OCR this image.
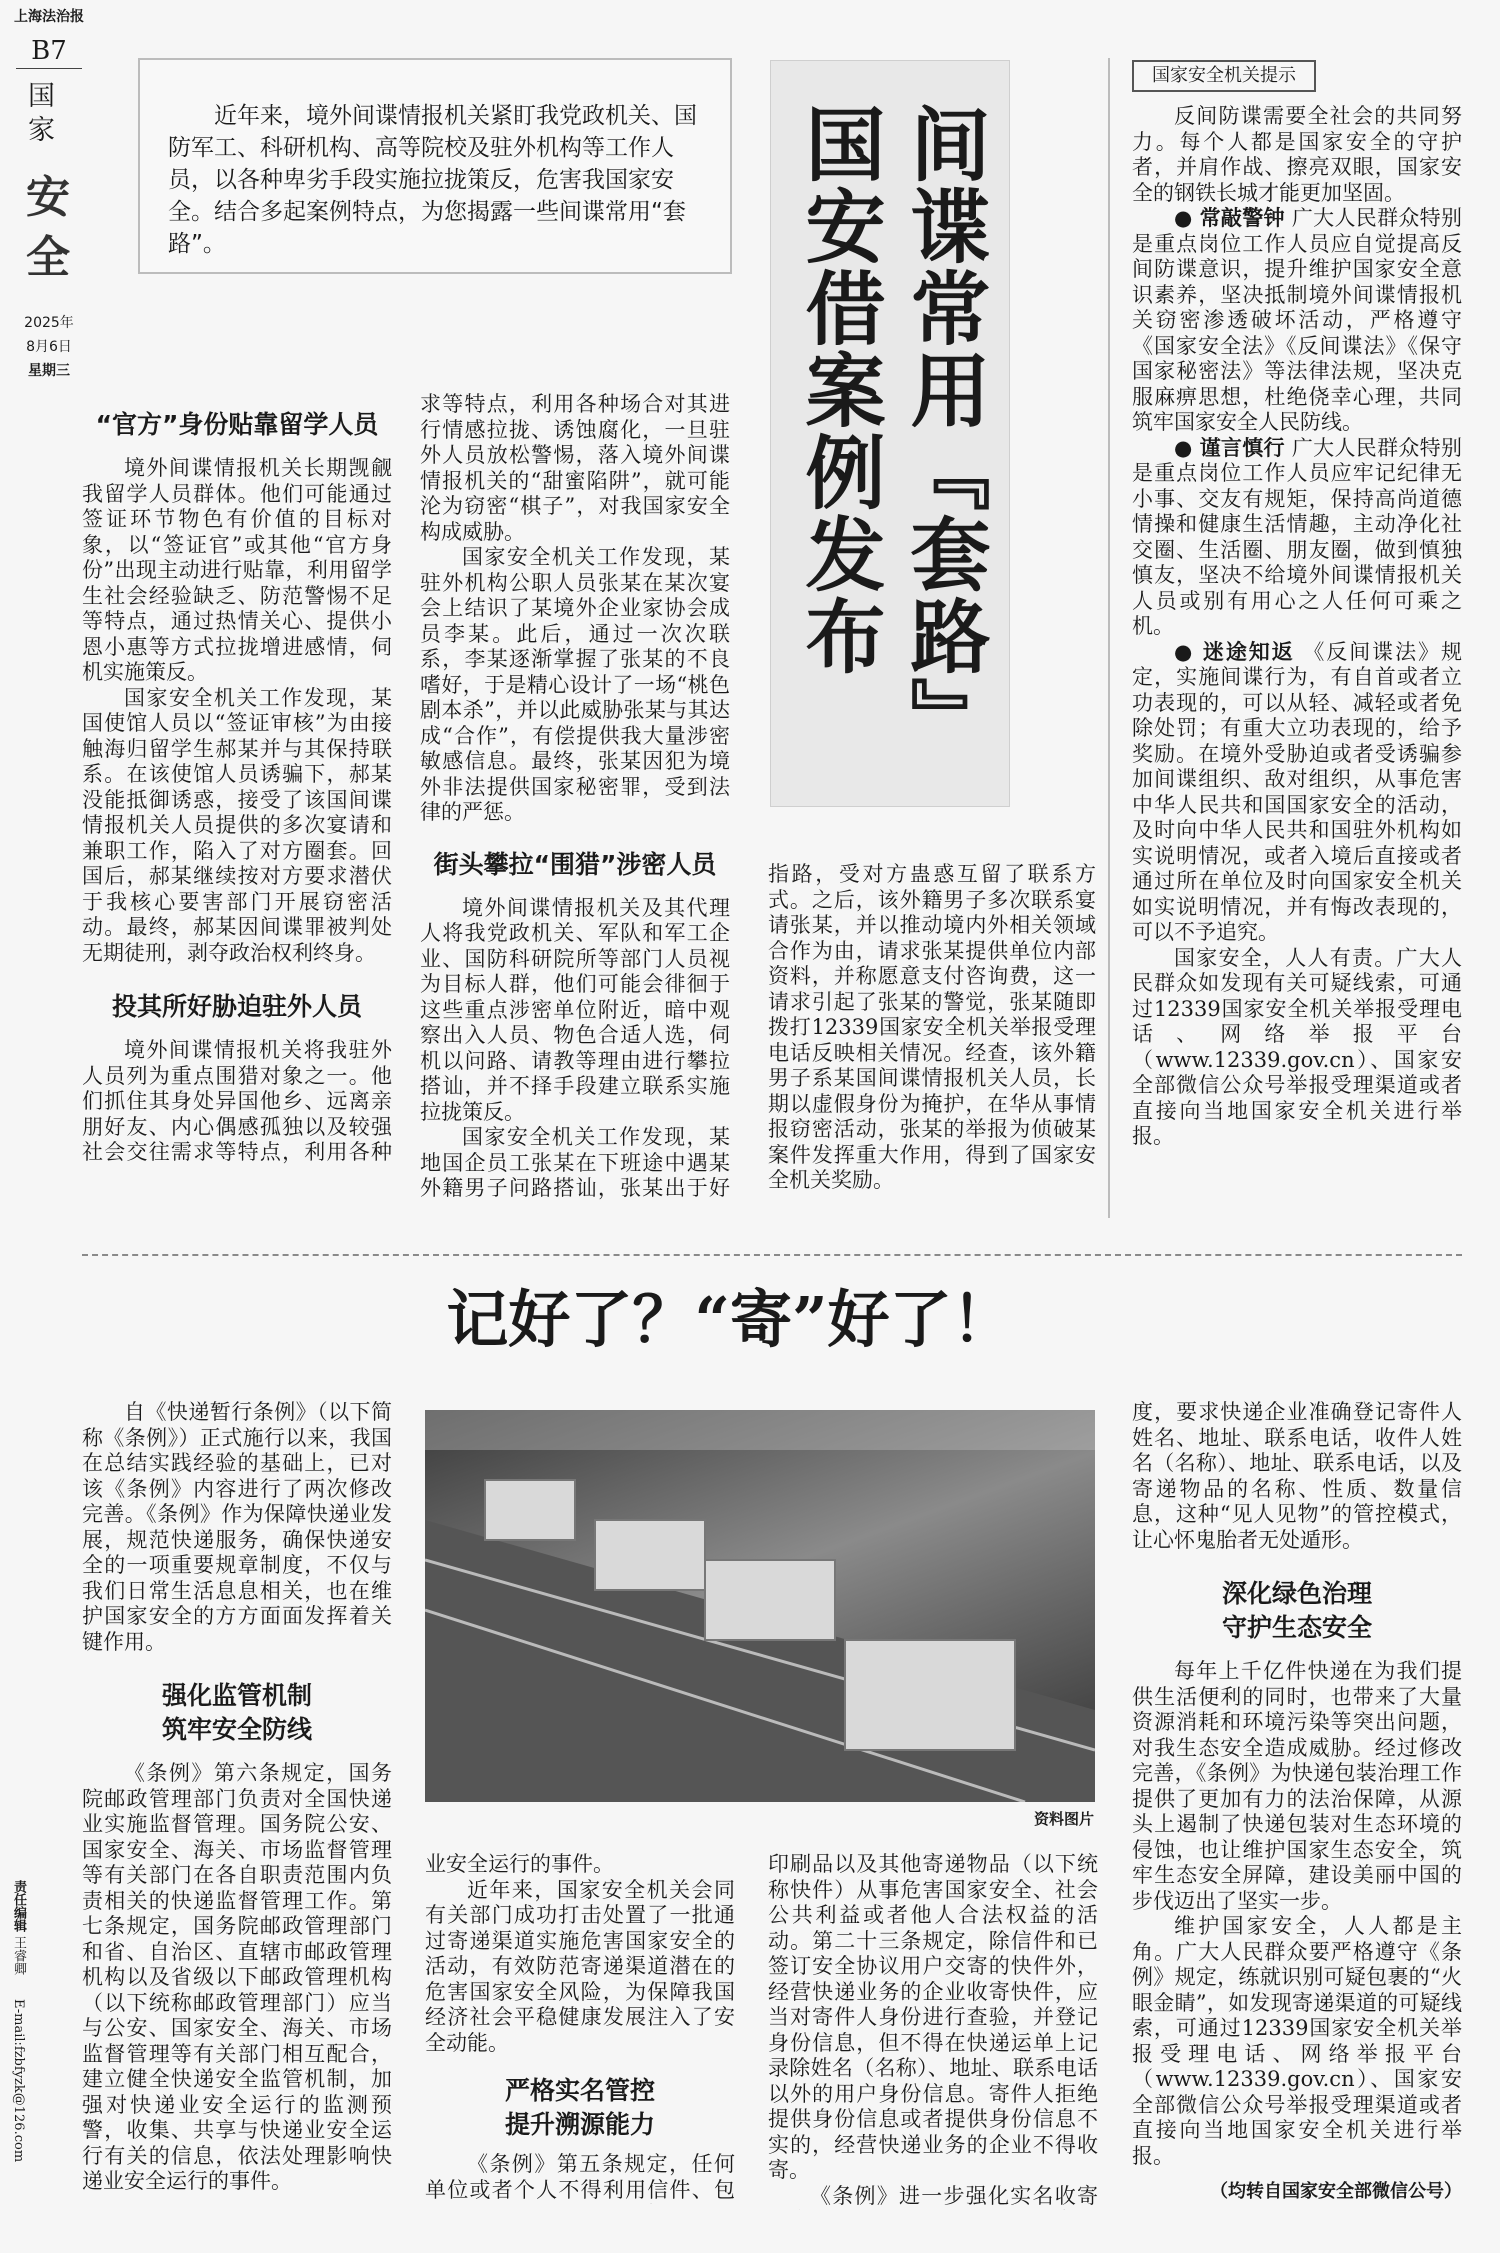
上海法治报
B7
国家
安全
2025年
8月6日
星期三
责任编辑 王睿卿 E-mail:fzbfyzk@126.com

近年来，境外间谍情报机关紧盯我党政机关、国防军工、科研机构、高等院校及驻外机构等工作人员，以各种卑劣手段实施拉拢策反，危害我国家安全。结合多起案例特点，为您揭露一些间谍常用“套路”。	间谍常用『套路』
国安借案例发布
“官方”身份贴靠留学人员

境外间谍情报机关长期觊觎我留学人员群体。他们可能通过签证环节物色有价值的目标对象，以“签证官”或其他“官方身份”出现主动进行贴靠，利用留学生社会经验缺乏、防范警惕不足等特点，通过热情关心、提供小恩小惠等方式拉拢增进感情，伺机实施策反。

国家安全机关工作发现，某国使馆人员以“签证审核”为由接触海归留学生郝某并与其保持联系。在该使馆人员诱骗下，郝某没能抵御诱惑，接受了该国间谍情报机关人员提供的多次宴请和兼职工作，陷入了对方圈套。回国后，郝某继续按对方要求潜伏于我核心要害部门开展窃密活动。最终，郝某因间谍罪被判处无期徒刑，剥夺政治权利终身。

投其所好胁迫驻外人员

境外间谍情报机关将我驻外人员列为重点围猎对象之一。他们抓住其身处异国他乡、远离亲朋好友、内心偶感孤独以及较强社会交往需求等特点，利用各种

求等特点，利用各种场合对其进行情感拉拢、诱蚀腐化，一旦驻外人员放松警惕，落入境外间谍情报机关的“甜蜜陷阱”，就可能沦为窃密“棋子”，对我国家安全构成威胁。

国家安全机关工作发现，某驻外机构公职人员张某在某次宴会上结识了某境外企业家协会成员李某。此后，通过一次次联系，李某逐渐掌握了张某的不良嗜好，于是精心设计了一场“桃色剧本杀”，并以此威胁张某与其达成“合作”，有偿提供我大量涉密敏感信息。最终，张某因犯为境外非法提供国家秘密罪，受到法律的严惩。

街头攀拉“围猎”涉密人员

境外间谍情报机关及其代理人将我党政机关、军队和军工企业、国防科研院所等部门人员视为目标人群，他们可能会徘徊于这些重点涉密单位附近，暗中观察出入人员、物色合适人选，伺机以问路、请教等理由进行攀拉搭讪，并不择手段建立联系实施拉拢策反。

国家安全机关工作发现，某地国企员工张某在下班途中遇某外籍男子问路搭讪，张某出于好

指路，受对方蛊惑互留了联系方式。之后，该外籍男子多次联系宴请张某，并以推动境内外相关领域合作为由，请求张某提供单位内部资料，并称愿意支付咨询费，这一请求引起了张某的警觉，张某随即拨打12339国家安全机关举报受理电话反映相关情况。经查，该外籍男子系某国间谍情报机关人员，长期以虚假身份为掩护，在华从事情报窃密活动，张某的举报为侦破某案件发挥重大作用，得到了国家安全机关奖励。

国家安全机关提示

反间防谍需要全社会的共同努力。每个人都是国家安全的守护者，并肩作战、擦亮双眼，国家安全的钢铁长城才能更加坚固。

● 常敲警钟 广大人民群众特别是重点岗位工作人员应自觉提高反间防谍意识，提升维护国家安全意识素养，坚决抵制境外间谍情报机关窃密渗透破坏活动，严格遵守《国家安全法》《反间谍法》《保守国家秘密法》等法律法规，坚决克服麻痹思想，杜绝侥幸心理，共同筑牢国家安全人民防线。

● 谨言慎行 广大人民群众特别是重点岗位工作人员应牢记纪律无小事、交友有规矩，保持高尚道德情操和健康生活情趣，主动净化社交圈、生活圈、朋友圈，做到慎独慎友，坚决不给境外间谍情报机关人员或别有用心之人任何可乘之机。

● 迷途知返 《反间谍法》规定，实施间谍行为，有自首或者立功表现的，可以从轻、减轻或者免除处罚；有重大立功表现的，给予奖励。在境外受胁迫或者受诱骗参加间谍组织、敌对组织，从事危害中华人民共和国国家安全的活动，及时向中华人民共和国驻外机构如实说明情况，或者入境后直接或者通过所在单位及时向国家安全机关如实说明情况，并有悔改表现的，可以不予追究。

国家安全，人人有责。广大人民群众如发现有关可疑线索，可通过12339国家安全机关举报受理电话、网络举报平台（www.12339.gov.cn）、国家安全部微信公众号举报受理渠道或者直接向当地国家安全机关进行举报。

记好了？“寄”好了！

自《快递暂行条例》（以下简称《条例》）正式施行以来，我国在总结实践经验的基础上，已对该《条例》内容进行了两次修改完善。《条例》作为保障快递业发展，规范快递服务，确保快递安全的一项重要规章制度，不仅与我们日常生活息息相关，也在维护国家安全的方方面面发挥着关键作用。

强化监管机制
筑牢安全防线

《条例》第六条规定，国务院邮政管理部门负责对全国快递业实施监督管理。国务院公安、国家安全、海关、市场监督管理等有关部门在各自职责范围内负责相关的快递监督管理工作。第七条规定，国务院邮政管理部门和省、自治区、直辖市邮政管理机构以及省级以下邮政管理机构（以下统称邮政管理部门）应当与公安、国家安全、海关、市场监督管理等有关部门相互配合，建立健全快递安全监管机制，加强对快递业安全运行的监测预警，收集、共享与快递业安全运行有关的信息，依法处理影响快递业安全运行的事件。

资料图片

业安全运行的事件。

近年来，国家安全机关会同有关部门成功打击处置了一批通过寄递渠道实施危害国家安全的活动，有效防范寄递渠道潜在的危害国家安全风险，为保障我国经济社会平稳健康发展注入了安全动能。

严格实名管控
提升溯源能力

《条例》第五条规定，任何单位或者个人不得利用信件、包

印刷品以及其他寄递物品（以下统称快件）从事危害国家安全、社会公共利益或者他人合法权益的活动。第二十三条规定，除信件和已签订安全协议用户交寄的快件外，经营快递业务的企业收寄快件，应当对寄件人身份进行查验，并登记身份信息，但不得在快递运单上记录除姓名（名称）、地址、联系电话以外的用户身份信息。寄件人拒绝提供身份信息或者提供身份信息不实的，经营快递业务的企业不得收寄。

《条例》进一步强化实名收寄

度，要求快递企业准确登记寄件人姓名、地址、联系电话，收件人姓名（名称）、地址、联系电话，以及寄递物品的名称、性质、数量信息，这种“见人见物”的管控模式，让心怀鬼胎者无处遁形。

深化绿色治理
守护生态安全

每年上千亿件快递在为我们提供生活便利的同时，也带来了大量资源消耗和环境污染等突出问题，对我生态安全造成威胁。经过修改完善，《条例》为快递包装治理工作提供了更加有力的法治保障，从源头上遏制了快递包装对生态环境的侵蚀，也让维护国家生态安全，筑牢生态安全屏障，建设美丽中国的步伐迈出了坚实一步。

维护国家安全，人人都是主角。广大人民群众要严格遵守《条例》规定，练就识别可疑包裹的“火眼金睛”，如发现寄递渠道的可疑线索，可通过12339国家安全机关举报受理电话、网络举报平台（www.12339.gov.cn）、国家安全部微信公众号举报受理渠道或者直接向当地国家安全机关进行举报。

（均转自国家安全部微信公号）
